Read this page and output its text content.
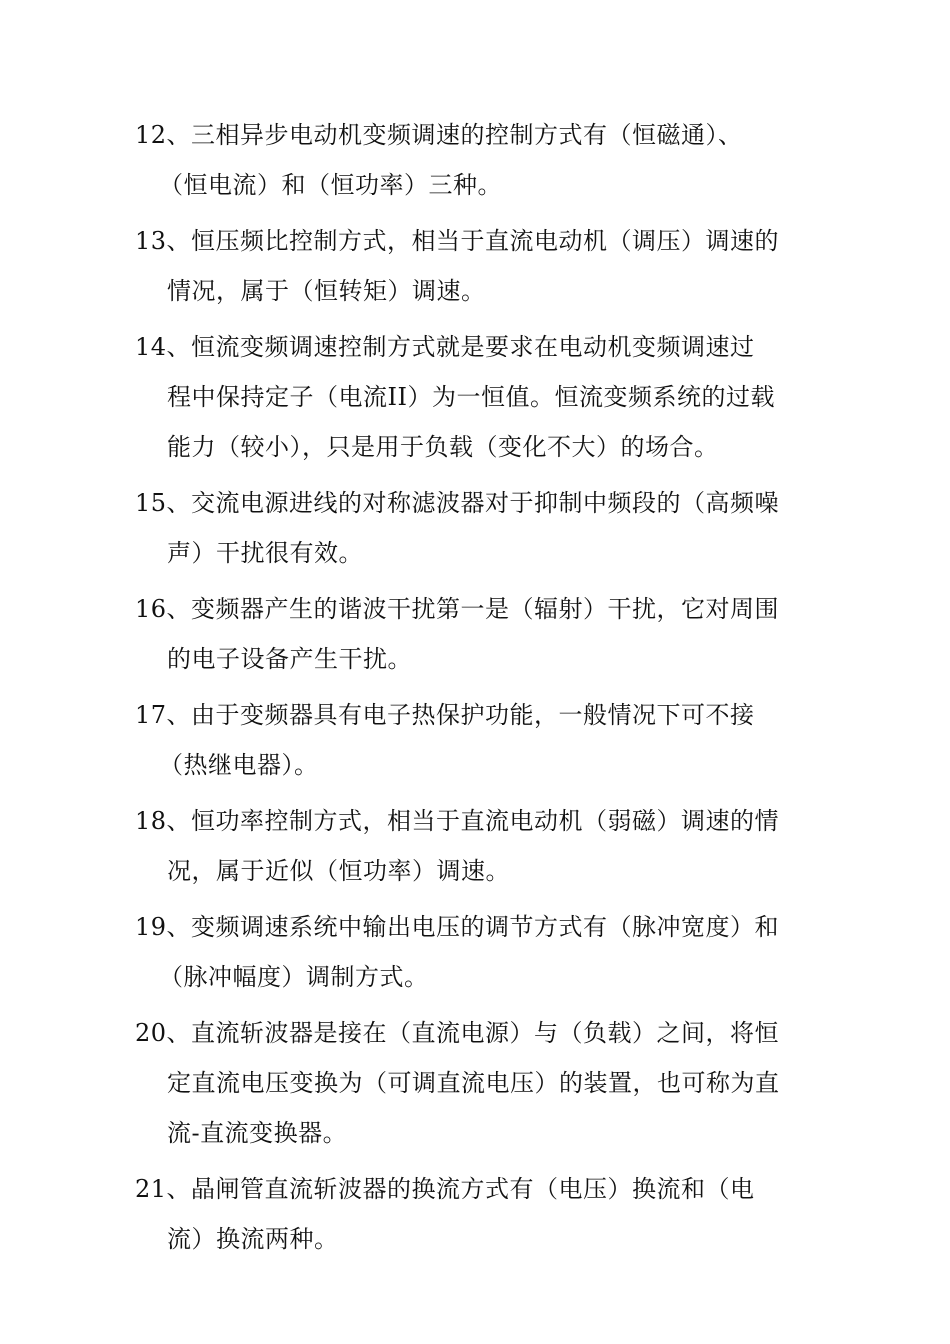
12、三相异步电动机变频调速的控制方式有（恒磁通）、
（恒电流）和（恒功率）三种。
13、恒压频比控制方式，相当于直流电动机（调压）调速的
情况，属于（恒转矩）调速。
14、恒流变频调速控制方式就是要求在电动机变频调速过
程中保持定子（电流II）为一恒值。恒流变频系统的过载
能力（较小），只是用于负载（变化不大）的场合。
15、交流电源进线的对称滤波器对于抑制中频段的（高频噪
声）干扰很有效。
16、变频器产生的谐波干扰第一是（辐射）干扰，它对周围
的电子设备产生干扰。
17、由于变频器具有电子热保护功能，一般情况下可不接
（热继电器）。
18、恒功率控制方式，相当于直流电动机（弱磁）调速的情
况，属于近似（恒功率）调速。
19、变频调速系统中输出电压的调节方式有（脉冲宽度）和
（脉冲幅度）调制方式。
20、直流斩波器是接在（直流电源）与（负载）之间，将恒
定直流电压变换为（可调直流电压）的装置，也可称为直
流-直流变换器。
21、晶闸管直流斩波器的换流方式有（电压）换流和（电
流）换流两种。
